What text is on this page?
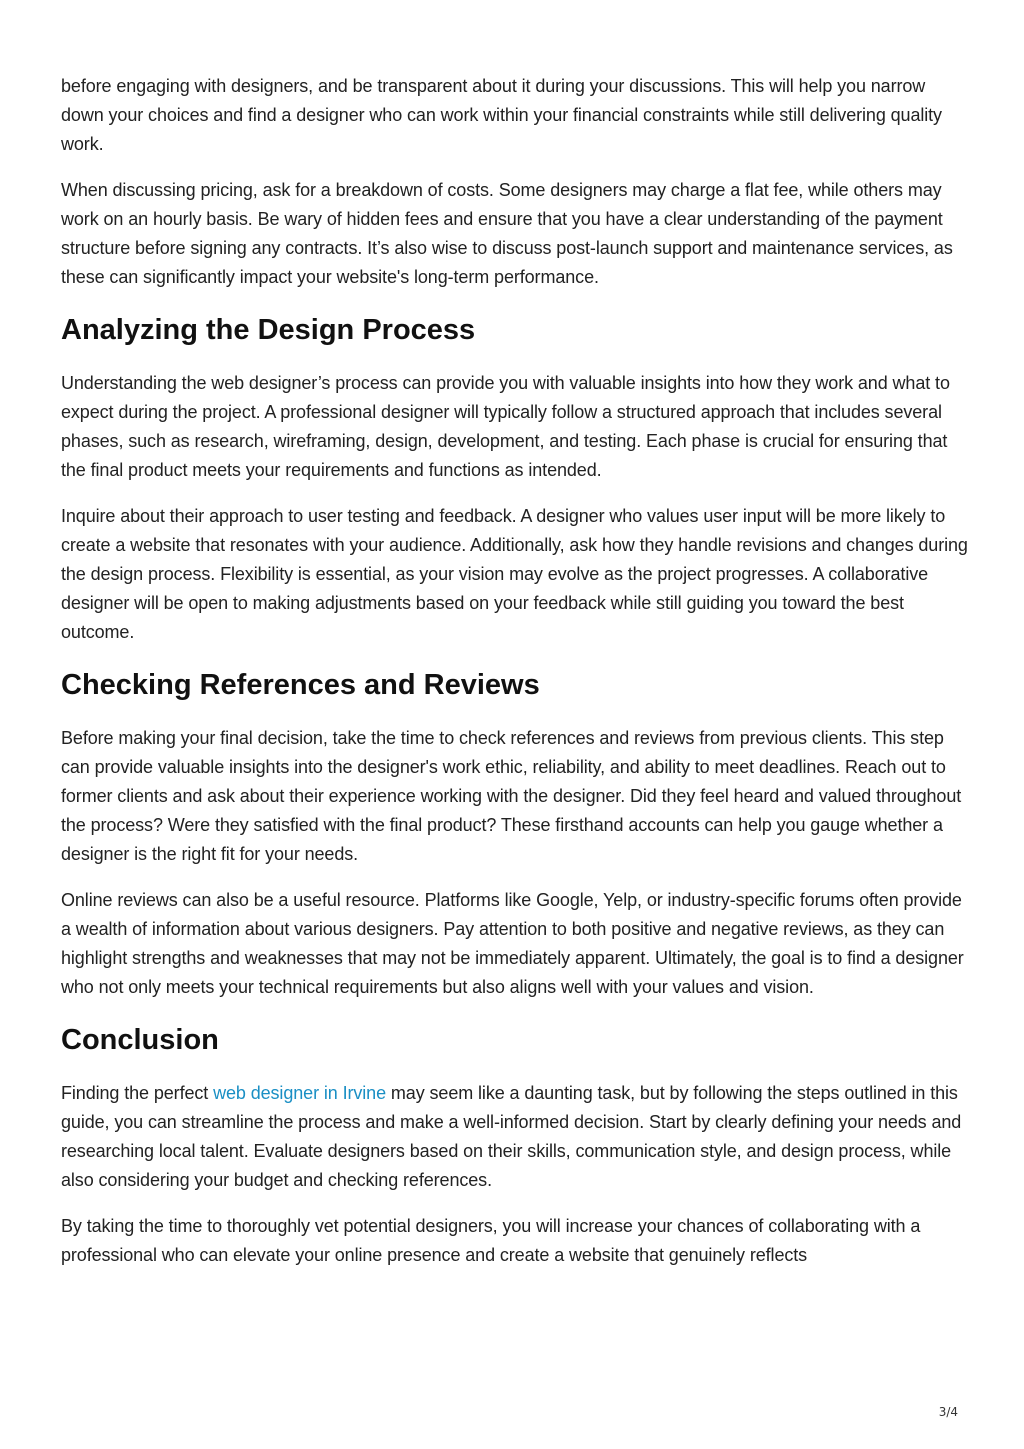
before engaging with designers, and be transparent about it during your discussions. This will help you narrow down your choices and find a designer who can work within your financial constraints while still delivering quality work.

When discussing pricing, ask for a breakdown of costs. Some designers may charge a flat fee, while others may work on an hourly basis. Be wary of hidden fees and ensure that you have a clear understanding of the payment structure before signing any contracts. It’s also wise to discuss post-launch support and maintenance services, as these can significantly impact your website's long-term performance.

Analyzing the Design Process

Understanding the web designer’s process can provide you with valuable insights into how they work and what to expect during the project. A professional designer will typically follow a structured approach that includes several phases, such as research, wireframing, design, development, and testing. Each phase is crucial for ensuring that the final product meets your requirements and functions as intended.

Inquire about their approach to user testing and feedback. A designer who values user input will be more likely to create a website that resonates with your audience. Additionally, ask how they handle revisions and changes during the design process. Flexibility is essential, as your vision may evolve as the project progresses. A collaborative designer will be open to making adjustments based on your feedback while still guiding you toward the best outcome.

Checking References and Reviews

Before making your final decision, take the time to check references and reviews from previous clients. This step can provide valuable insights into the designer's work ethic, reliability, and ability to meet deadlines. Reach out to former clients and ask about their experience working with the designer. Did they feel heard and valued throughout the process? Were they satisfied with the final product? These firsthand accounts can help you gauge whether a designer is the right fit for your needs.

Online reviews can also be a useful resource. Platforms like Google, Yelp, or industry-specific forums often provide a wealth of information about various designers. Pay attention to both positive and negative reviews, as they can highlight strengths and weaknesses that may not be immediately apparent. Ultimately, the goal is to find a designer who not only meets your technical requirements but also aligns well with your values and vision.

Conclusion

Finding the perfect web designer in Irvine may seem like a daunting task, but by following the steps outlined in this guide, you can streamline the process and make a well-informed decision. Start by clearly defining your needs and researching local talent. Evaluate designers based on their skills, communication style, and design process, while also considering your budget and checking references.

By taking the time to thoroughly vet potential designers, you will increase your chances of collaborating with a professional who can elevate your online presence and create a website that genuinely reflects

3/4
